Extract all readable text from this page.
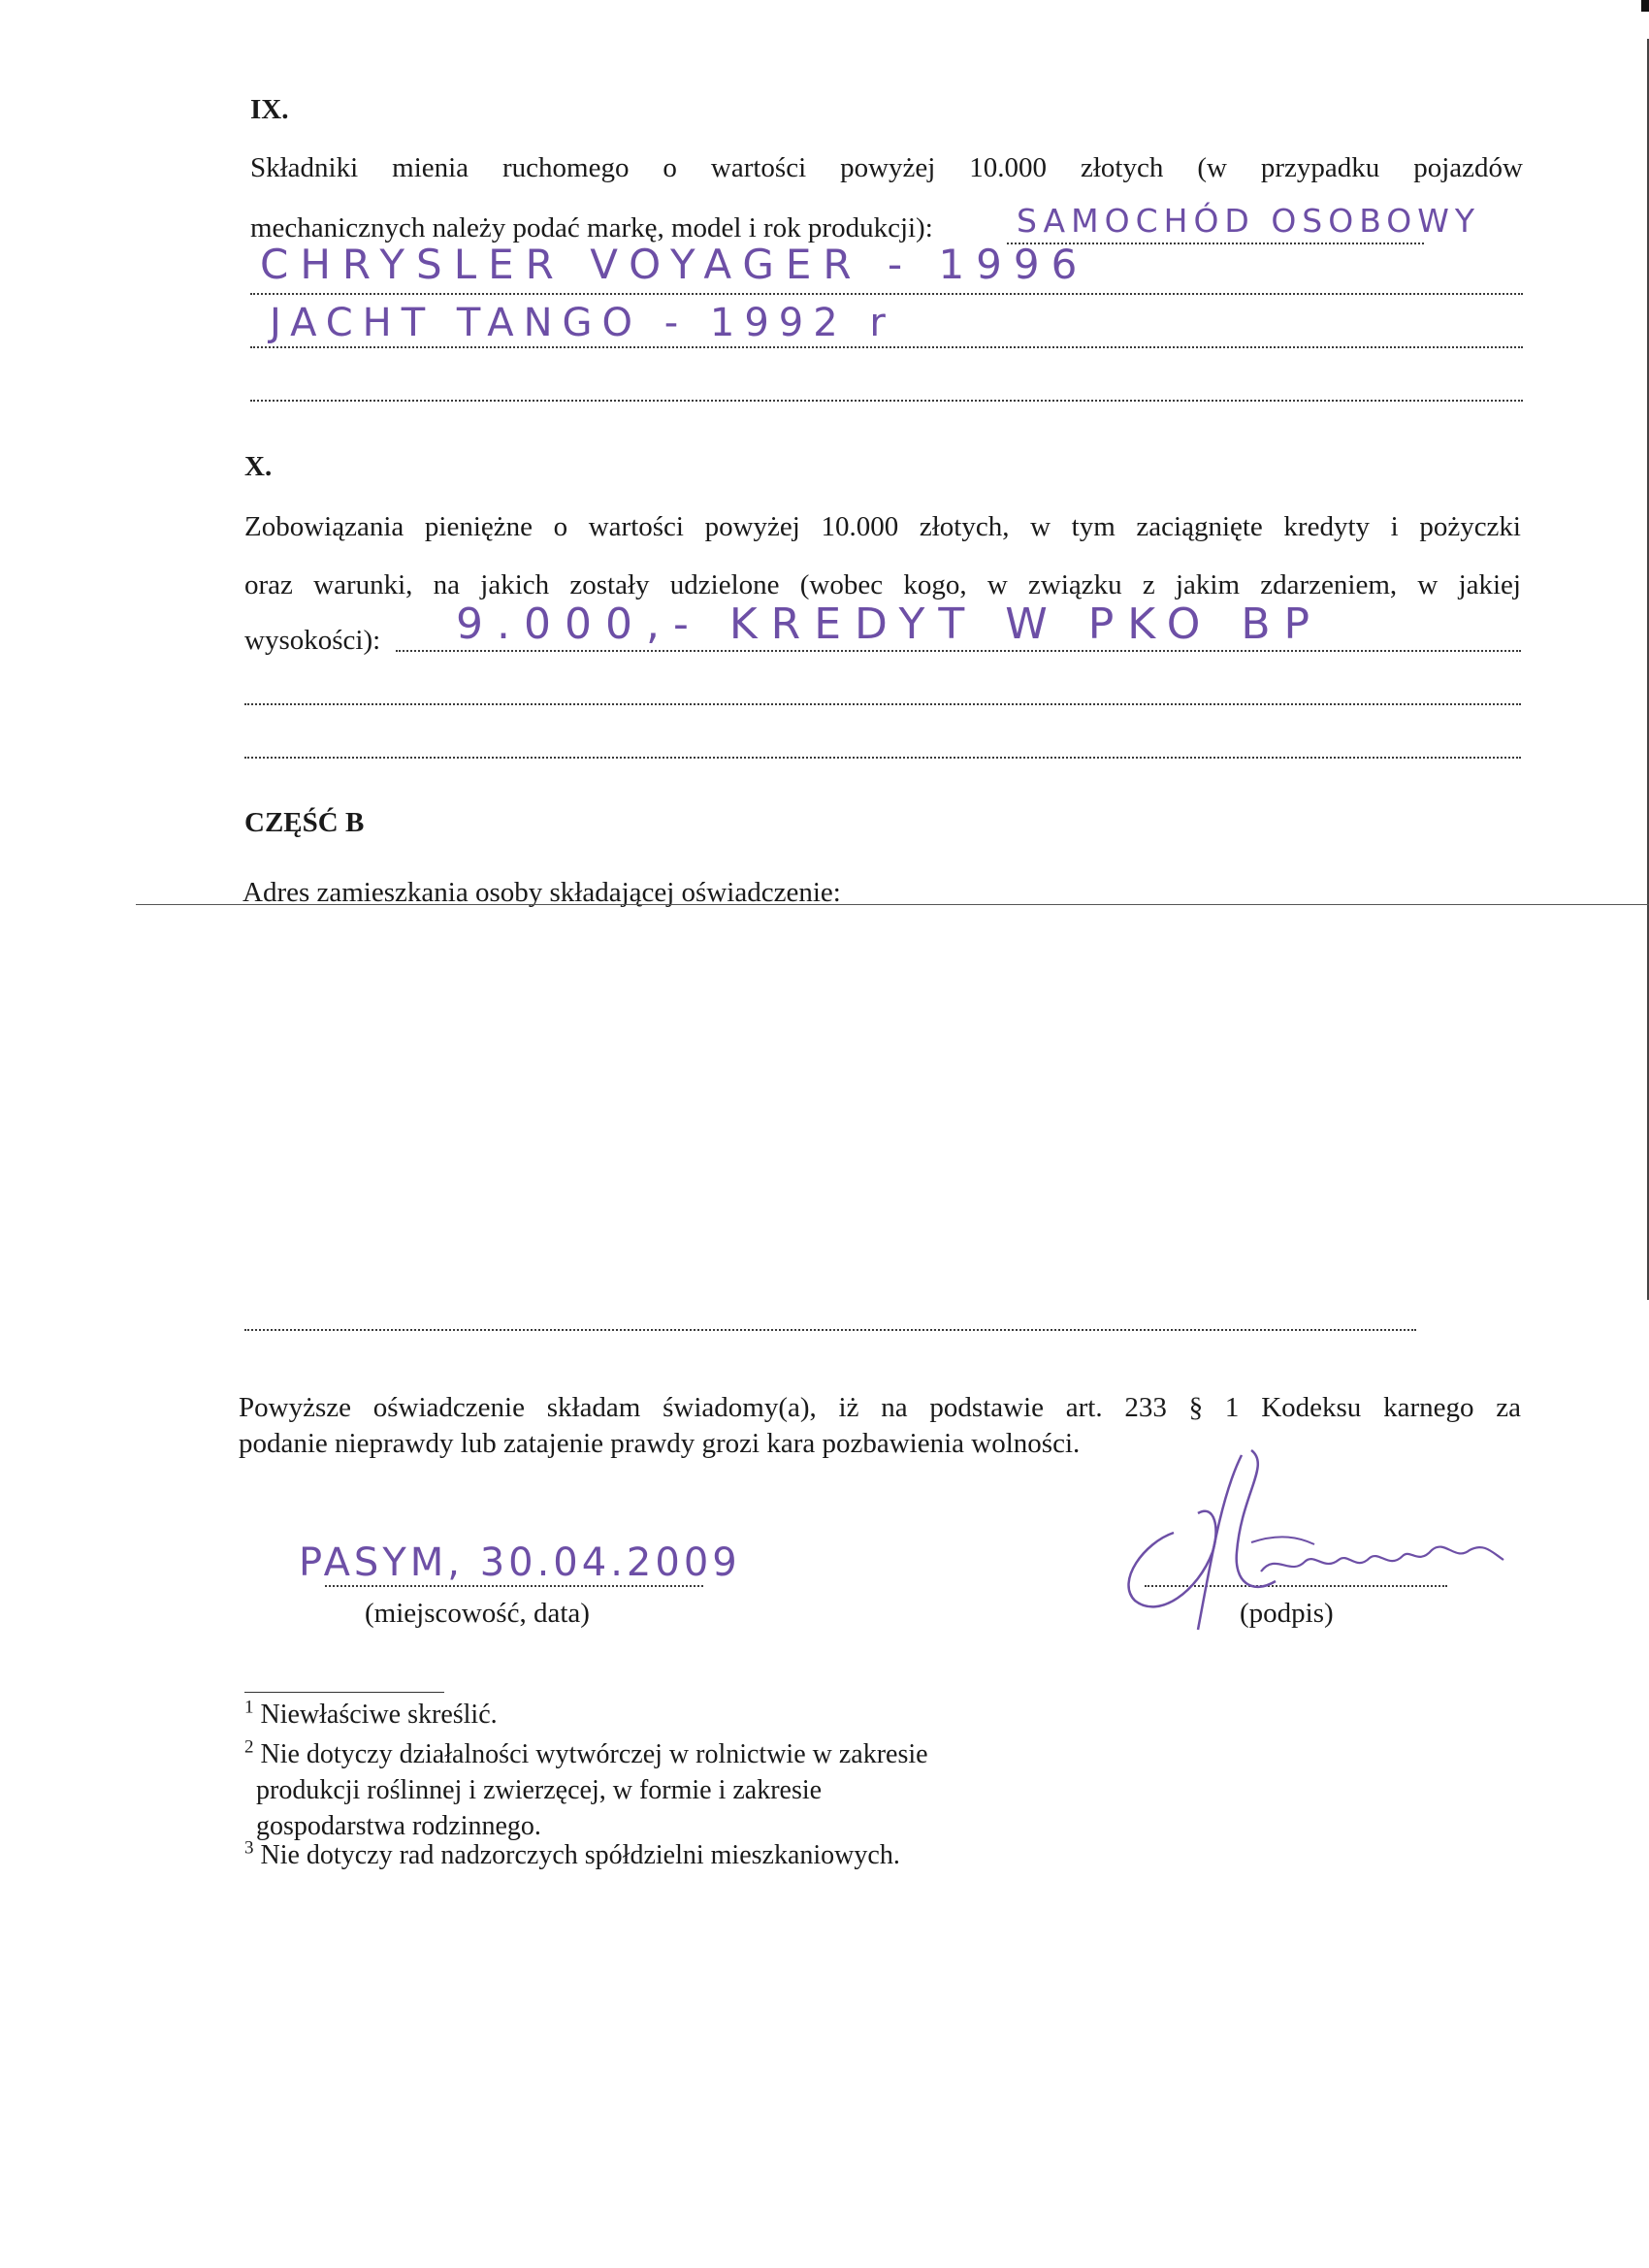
IX.
Składniki mienia ruchomego o wartości powyżej 10.000 złotych (w przypadku pojazdów
mechanicznych należy podać markę, model i rok produkcji):	SAMOCHÓD OSOBOWY
CHRYSLER VOYAGER - 1996
JACHT TANGO - 1992 r
X.
Zobowiązania pieniężne o wartości powyżej 10.000 złotych, w tym zaciągnięte kredyty i pożyczki
oraz warunki, na jakich zostały udzielone (wobec kogo, w związku z jakim zdarzeniem, w jakiej
wysokości): 9.000,- KREDYT W PKO BP
CZĘŚĆ B
Adres zamieszkania osoby składającej oświadczenie:
Powyższe oświadczenie składam świadomy(a), iż na podstawie art. 233 § 1 Kodeksu karnego za
podanie nieprawdy lub zatajenie prawdy grozi kara pozbawienia wolności.
PASYM, 30.04.2009
(miejscowość, data)	(podpis)
$^1$ Niewłaściwe skreślić.
$^2$ Nie dotyczy działalności wytwórczej w rolnictwie w zakresie
produkcji roślinnej i zwierzęcej, w formie i zakresie
gospodarstwa rodzinnego.
$^3$ Nie dotyczy rad nadzorczych spółdzielni mieszkaniowych.
